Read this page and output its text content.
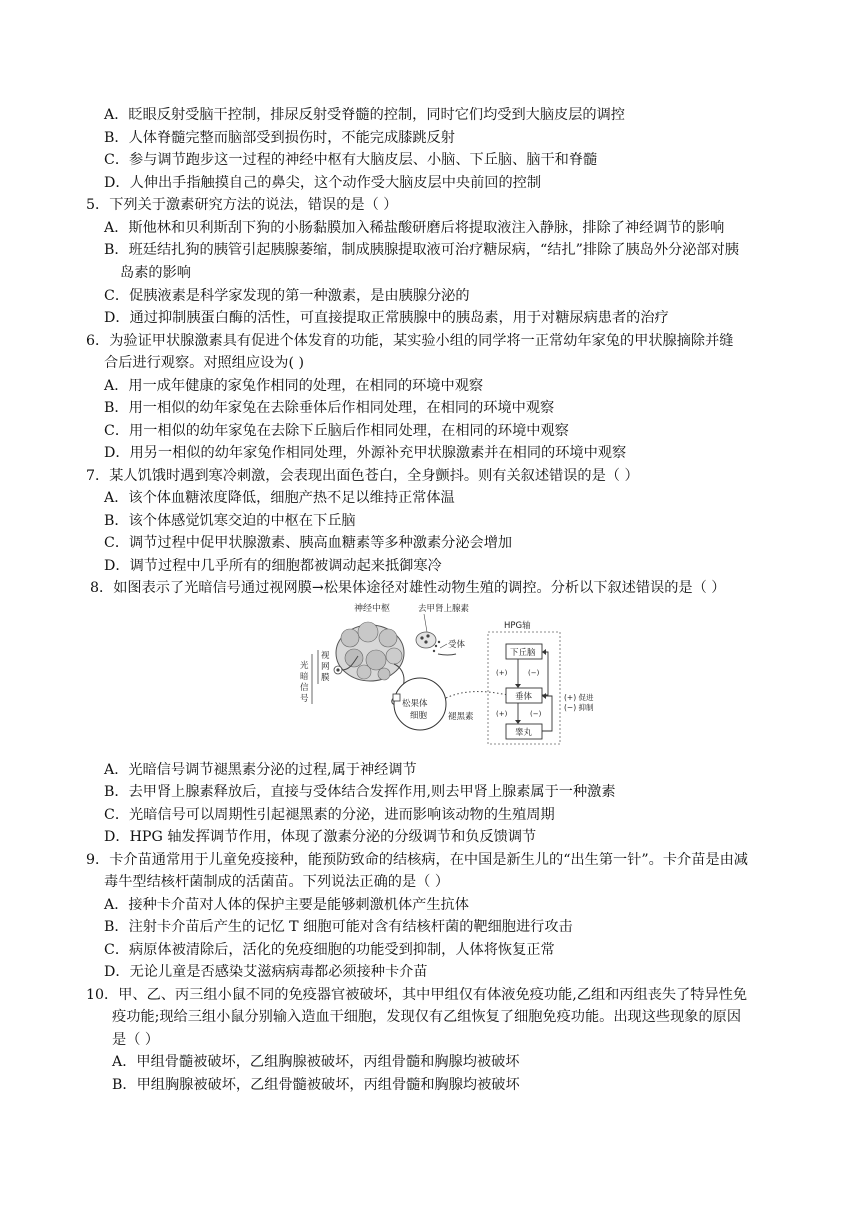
A．眨眼反射受脑干控制，排尿反射受脊髓的控制，同时它们均受到大脑皮层的调控
B．人体脊髓完整而脑部受到损伤时，不能完成膝跳反射
C．参与调节跑步这一过程的神经中枢有大脑皮层、小脑、下丘脑、脑干和脊髓
D．人伸出手指触摸自己的鼻尖，这个动作受大脑皮层中央前回的控制
5．下列关于激素研究方法的说法，错误的是（ ）
A．斯他林和贝利斯刮下狗的小肠黏膜加入稀盐酸研磨后将提取液注入静脉，排除了神经调节的影响
B．班廷结扎狗的胰管引起胰腺萎缩，制成胰腺提取液可治疗糖尿病，“结扎”排除了胰岛外分泌部对胰
岛素的影响
C．促胰液素是科学家发现的第一种激素，是由胰腺分泌的
D．通过抑制胰蛋白酶的活性，可直接提取正常胰腺中的胰岛素，用于对糖尿病患者的治疗
6．为验证甲状腺激素具有促进个体发育的功能，某实验小组的同学将一正常幼年家兔的甲状腺摘除并缝
合后进行观察。对照组应设为( )
A．用一成年健康的家兔作相同的处理，在相同的环境中观察
B．用一相似的幼年家兔在去除垂体后作相同处理，在相同的环境中观察
C．用一相似的幼年家兔在去除下丘脑后作相同处理，在相同的环境中观察
D．用另一相似的幼年家兔作相同处理，外源补充甲状腺激素并在相同的环境中观察
7．某人饥饿时遇到寒冷刺激，会表现出面色苍白，全身颤抖。则有关叙述错误的是（ ）
A．该个体血糖浓度降低，细胞产热不足以维持正常体温
B．该个体感觉饥寒交迫的中枢在下丘脑
C．调节过程中促甲状腺激素、胰高血糖素等多种激素分泌会增加
D．调节过程中几乎所有的细胞都被调动起来抵御寒冷
8．如图表示了光暗信号通过视网膜→松果体途径对雄性动物生殖的调控。分析以下叙述错误的是（ ）
神经中枢
光
暗
信
号
视
网
膜
去甲肾上腺素
受体
松果体
细胞 褪黑素
HPG轴
下丘脑
垂体
睾丸
(+)
(+)
(−)
(−)
(+) 促进
(−) 抑制
A．光暗信号调节褪黑素分泌的过程,属于神经调节
B．去甲肾上腺素释放后，直接与受体结合发挥作用,则去甲肾上腺素属于一种激素
C．光暗信号可以周期性引起褪黑素的分泌，进而影响该动物的生殖周期
D．HPG 轴发挥调节作用，体现了激素分泌的分级调节和负反馈调节
9．卡介苗通常用于儿童免疫接种，能预防致命的结核病，在中国是新生儿的“出生第一针”。卡介苗是由减
毒牛型结核杆菌制成的活菌苗。下列说法正确的是（ ）
A．接种卡介苗对人体的保护主要是能够刺激机体产生抗体
B．注射卡介苗后产生的记忆 T 细胞可能对含有结核杆菌的靶细胞进行攻击
C．病原体被清除后，活化的免疫细胞的功能受到抑制，人体将恢复正常
D．无论儿童是否感染艾滋病病毒都必须接种卡介苗
10．甲、乙、丙三组小鼠不同的免疫器官被破坏，其中甲组仅有体液免疫功能,乙组和丙组丧失了特异性免
疫功能;现给三组小鼠分别输入造血干细胞，发现仅有乙组恢复了细胞免疫功能。出现这些现象的原因
是（ ）
A．甲组骨髓被破坏，乙组胸腺被破坏，丙组骨髓和胸腺均被破坏
B．甲组胸腺被破坏，乙组骨髓被破坏，丙组骨髓和胸腺均被破坏
